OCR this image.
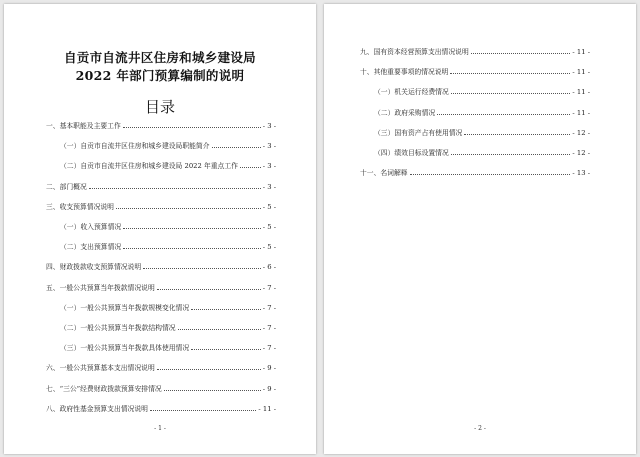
自贡市自流井区住房和城乡建设局
2022 年部门预算编制的说明
目录
一、基本职能及主要工作	- 3 -
（一）自贡市自流井区住房和城乡建设局职能简介	- 3 -
（二）自贡市自流井区住房和城乡建设局 2022 年重点工作	- 3 -
二、部门概况	- 3 -
三、收支预算情况说明	- 5 -
（一）收入预算情况	- 5 -
（二）支出预算情况	- 5 -
四、财政拨款收支预算情况说明	- 6 -
五、一般公共预算当年拨款情况说明	- 7 -
（一）一般公共预算当年拨款规模变化情况	- 7 -
（二）一般公共预算当年拨款结构情况	- 7 -
（三）一般公共预算当年拨款具体使用情况	- 7 -
六、一般公共预算基本支出情况说明	- 9 -
七、“三公”经费财政拨款预算安排情况	- 9 -
八、政府性基金预算支出情况说明	- 11 -
- 1 -
九、国有资本经营预算支出情况说明	- 11 -
十、其他重要事项的情况说明	- 11 -
（一）机关运行经费情况	- 11 -
（二）政府采购情况	- 11 -
（三）国有资产占有使用情况	- 12 -
（四）绩效目标设置情况	- 12 -
十一、名词解释	- 13 -
- 2 -
